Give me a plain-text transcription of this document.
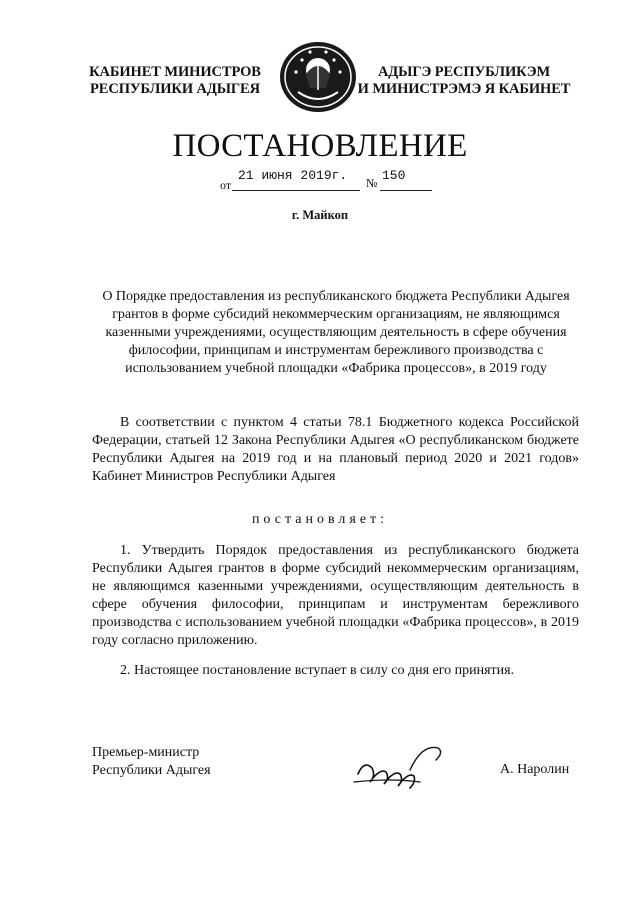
КАБИНЕТ МИНИСТРОВ
РЕСПУБЛИКИ АДЫГЕЯ
АДЫГЭ РЕСПУБЛИКЭМ
И МИНИСТРЭМЭ Я КАБИНЕТ
ПОСТАНОВЛЕНИЕ
от
21 июня 2019г.	№ 150
г. Майкоп
О Порядке предоставления из республиканского бюджета Республики Адыгея грантов в форме субсидий некоммерческим организациям, не являющимся казенными учреждениями, осуществляющим деятельность в сфере обучения философии, принципам и инструментам бережливого производства с использованием учебной площадки «Фабрика процессов», в 2019 году
В соответствии с пунктом 4 статьи 78.1 Бюджетного кодекса Российской Федерации, статьей 12 Закона Республики Адыгея «О республиканском бюджете Республики Адыгея на 2019 год и на плановый период 2020 и 2021 годов» Кабинет Министров Республики Адыгея
постановляет:
1. Утвердить Порядок предоставления из республиканского бюджета Республики Адыгея грантов в форме субсидий некоммерческим организациям, не являющимся казенными учреждениями, осуществляющим деятельность в сфере обучения философии, принципам и инструментам бережливого производства с использованием учебной площадки «Фабрика процессов», в 2019 году согласно приложению.
2. Настоящее постановление вступает в силу со дня его принятия.
Премьер-министр
Республики Адыгея	А. Наролин
